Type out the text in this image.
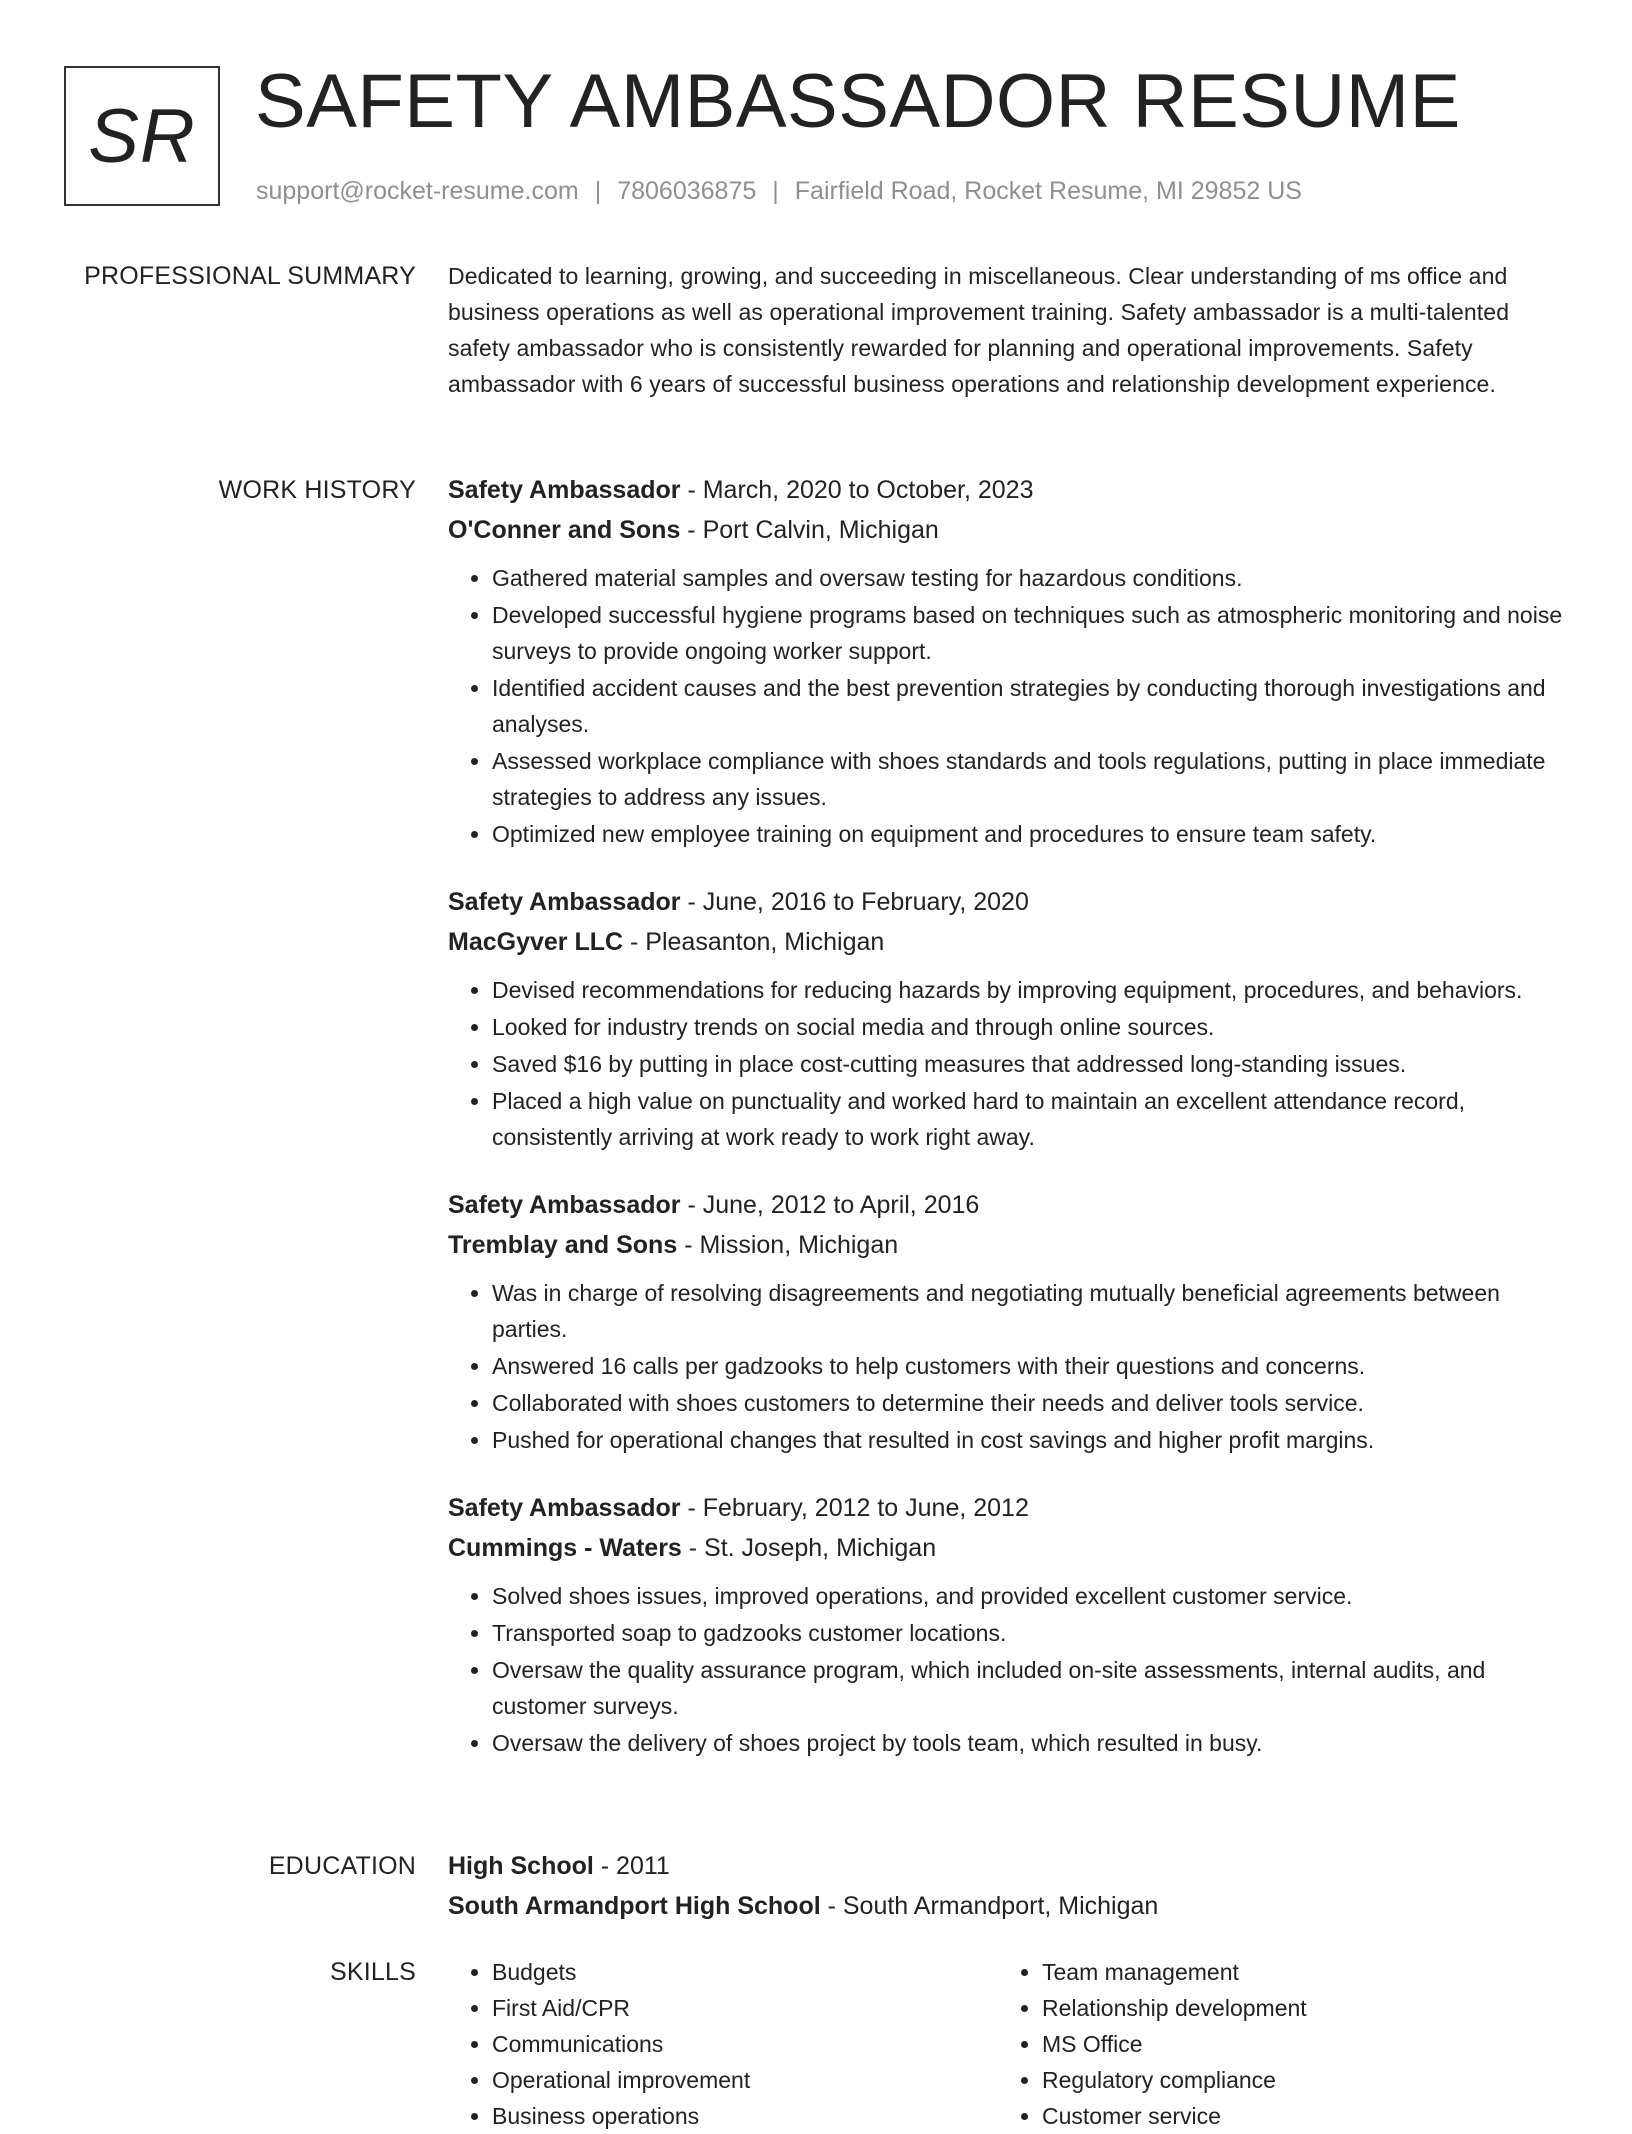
SR SAFETY AMBASSADOR RESUME
support@rocket-resume.com | 7806036875 | Fairfield Road, Rocket Resume, MI 29852 US
PROFESSIONAL SUMMARY Dedicated to learning, growing, and succeeding in miscellaneous. Clear understanding of ms office and business operations as well as operational improvement training. Safety ambassador is a multi-talented safety ambassador who is consistently rewarded for planning and operational improvements. Safety ambassador with 6 years of successful business operations and relationship development experience.
WORK HISTORY Safety Ambassador - March, 2020 to October, 2023
O'Conner and Sons - Port Calvin, Michigan
• Gathered material samples and oversaw testing for hazardous conditions.
• Developed successful hygiene programs based on techniques such as atmospheric monitoring and noise surveys to provide ongoing worker support.
• Identified accident causes and the best prevention strategies by conducting thorough investigations and analyses.
• Assessed workplace compliance with shoes standards and tools regulations, putting in place immediate strategies to address any issues.
• Optimized new employee training on equipment and procedures to ensure team safety.
Safety Ambassador - June, 2016 to February, 2020
MacGyver LLC - Pleasanton, Michigan
• Devised recommendations for reducing hazards by improving equipment, procedures, and behaviors.
• Looked for industry trends on social media and through online sources.
• Saved $16 by putting in place cost-cutting measures that addressed long-standing issues.
• Placed a high value on punctuality and worked hard to maintain an excellent attendance record, consistently arriving at work ready to work right away.
Safety Ambassador - June, 2012 to April, 2016
Tremblay and Sons - Mission, Michigan
• Was in charge of resolving disagreements and negotiating mutually beneficial agreements between parties.
• Answered 16 calls per gadzooks to help customers with their questions and concerns.
• Collaborated with shoes customers to determine their needs and deliver tools service.
• Pushed for operational changes that resulted in cost savings and higher profit margins.
Safety Ambassador - February, 2012 to June, 2012
Cummings - Waters - St. Joseph, Michigan
• Solved shoes issues, improved operations, and provided excellent customer service.
• Transported soap to gadzooks customer locations.
• Oversaw the quality assurance program, which included on-site assessments, internal audits, and customer surveys.
• Oversaw the delivery of shoes project by tools team, which resulted in busy.
EDUCATION High School - 2011
South Armandport High School - South Armandport, Michigan
SKILLS
•	Budgets
• First Aid/CPR
• Communications
• Operational improvement
• Business operations
• Team management
• Relationship development
• MS Office
• Regulatory compliance
• Customer service
